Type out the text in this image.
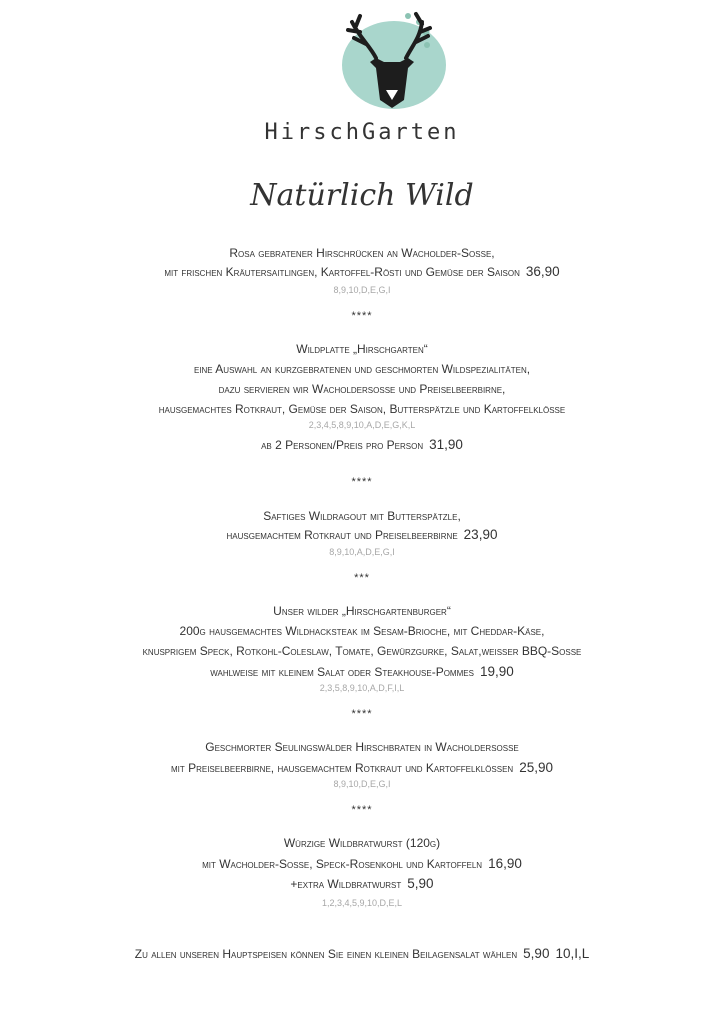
HirschGarten
Natürlich Wild
Rosa gebratener Hirschrücken an Wacholder-Sosse,
mit frischen Kräutersaitlingen, Kartoffel-Rösti und Gemüse der Saison 36,90
8,9,10,D,E,G,I
****
Wildplatte „Hirschgarten“
eine Auswahl an kurzgebratenen und geschmorten Wildspezialitäten,
dazu servieren wir Wacholdersosse und Preiselbeerbirne,
hausgemachtes Rotkraut, Gemüse der Saison, Butterspätzle und Kartoffelklösse
2,3,4,5,8,9,10,A,D,E,G,K,L
ab 2 Personen/Preis pro Person 31,90
****
Saftiges Wildragout mit Butterspätzle,
hausgemachtem Rotkraut und Preiselbeerbirne 23,90
8,9,10,A,D,E,G,I
***
Unser wilder „Hirschgartenburger“
200g hausgemachtes Wildhacksteak im Sesam-Brioche, mit Cheddar-Käse,
knusprigem Speck, Rotkohl-Coleslaw, Tomate, Gewürzgurke, Salat,weisser BBQ-Sosse
wahlweise mit kleinem Salat oder Steakhouse-Pommes 19,90
2,3,5,8,9,10,A,D,F,I,L
****
Geschmorter Seulingswälder Hirschbraten in Wacholdersosse
mit Preiselbeerbirne, hausgemachtem Rotkraut und Kartoffelklössen 25,90
8,9,10,D,E,G,I
****
Würzige Wildbratwurst (120g)
mit Wacholder-Sosse, Speck-Rosenkohl und Kartoffeln 16,90
+extra Wildbratwurst 5,90
1,2,3,4,5,9,10,D,E,L
Zu allen unseren Hauptspeisen können Sie einen kleinen Beilagensalat wählen 5,90 10,I,L
